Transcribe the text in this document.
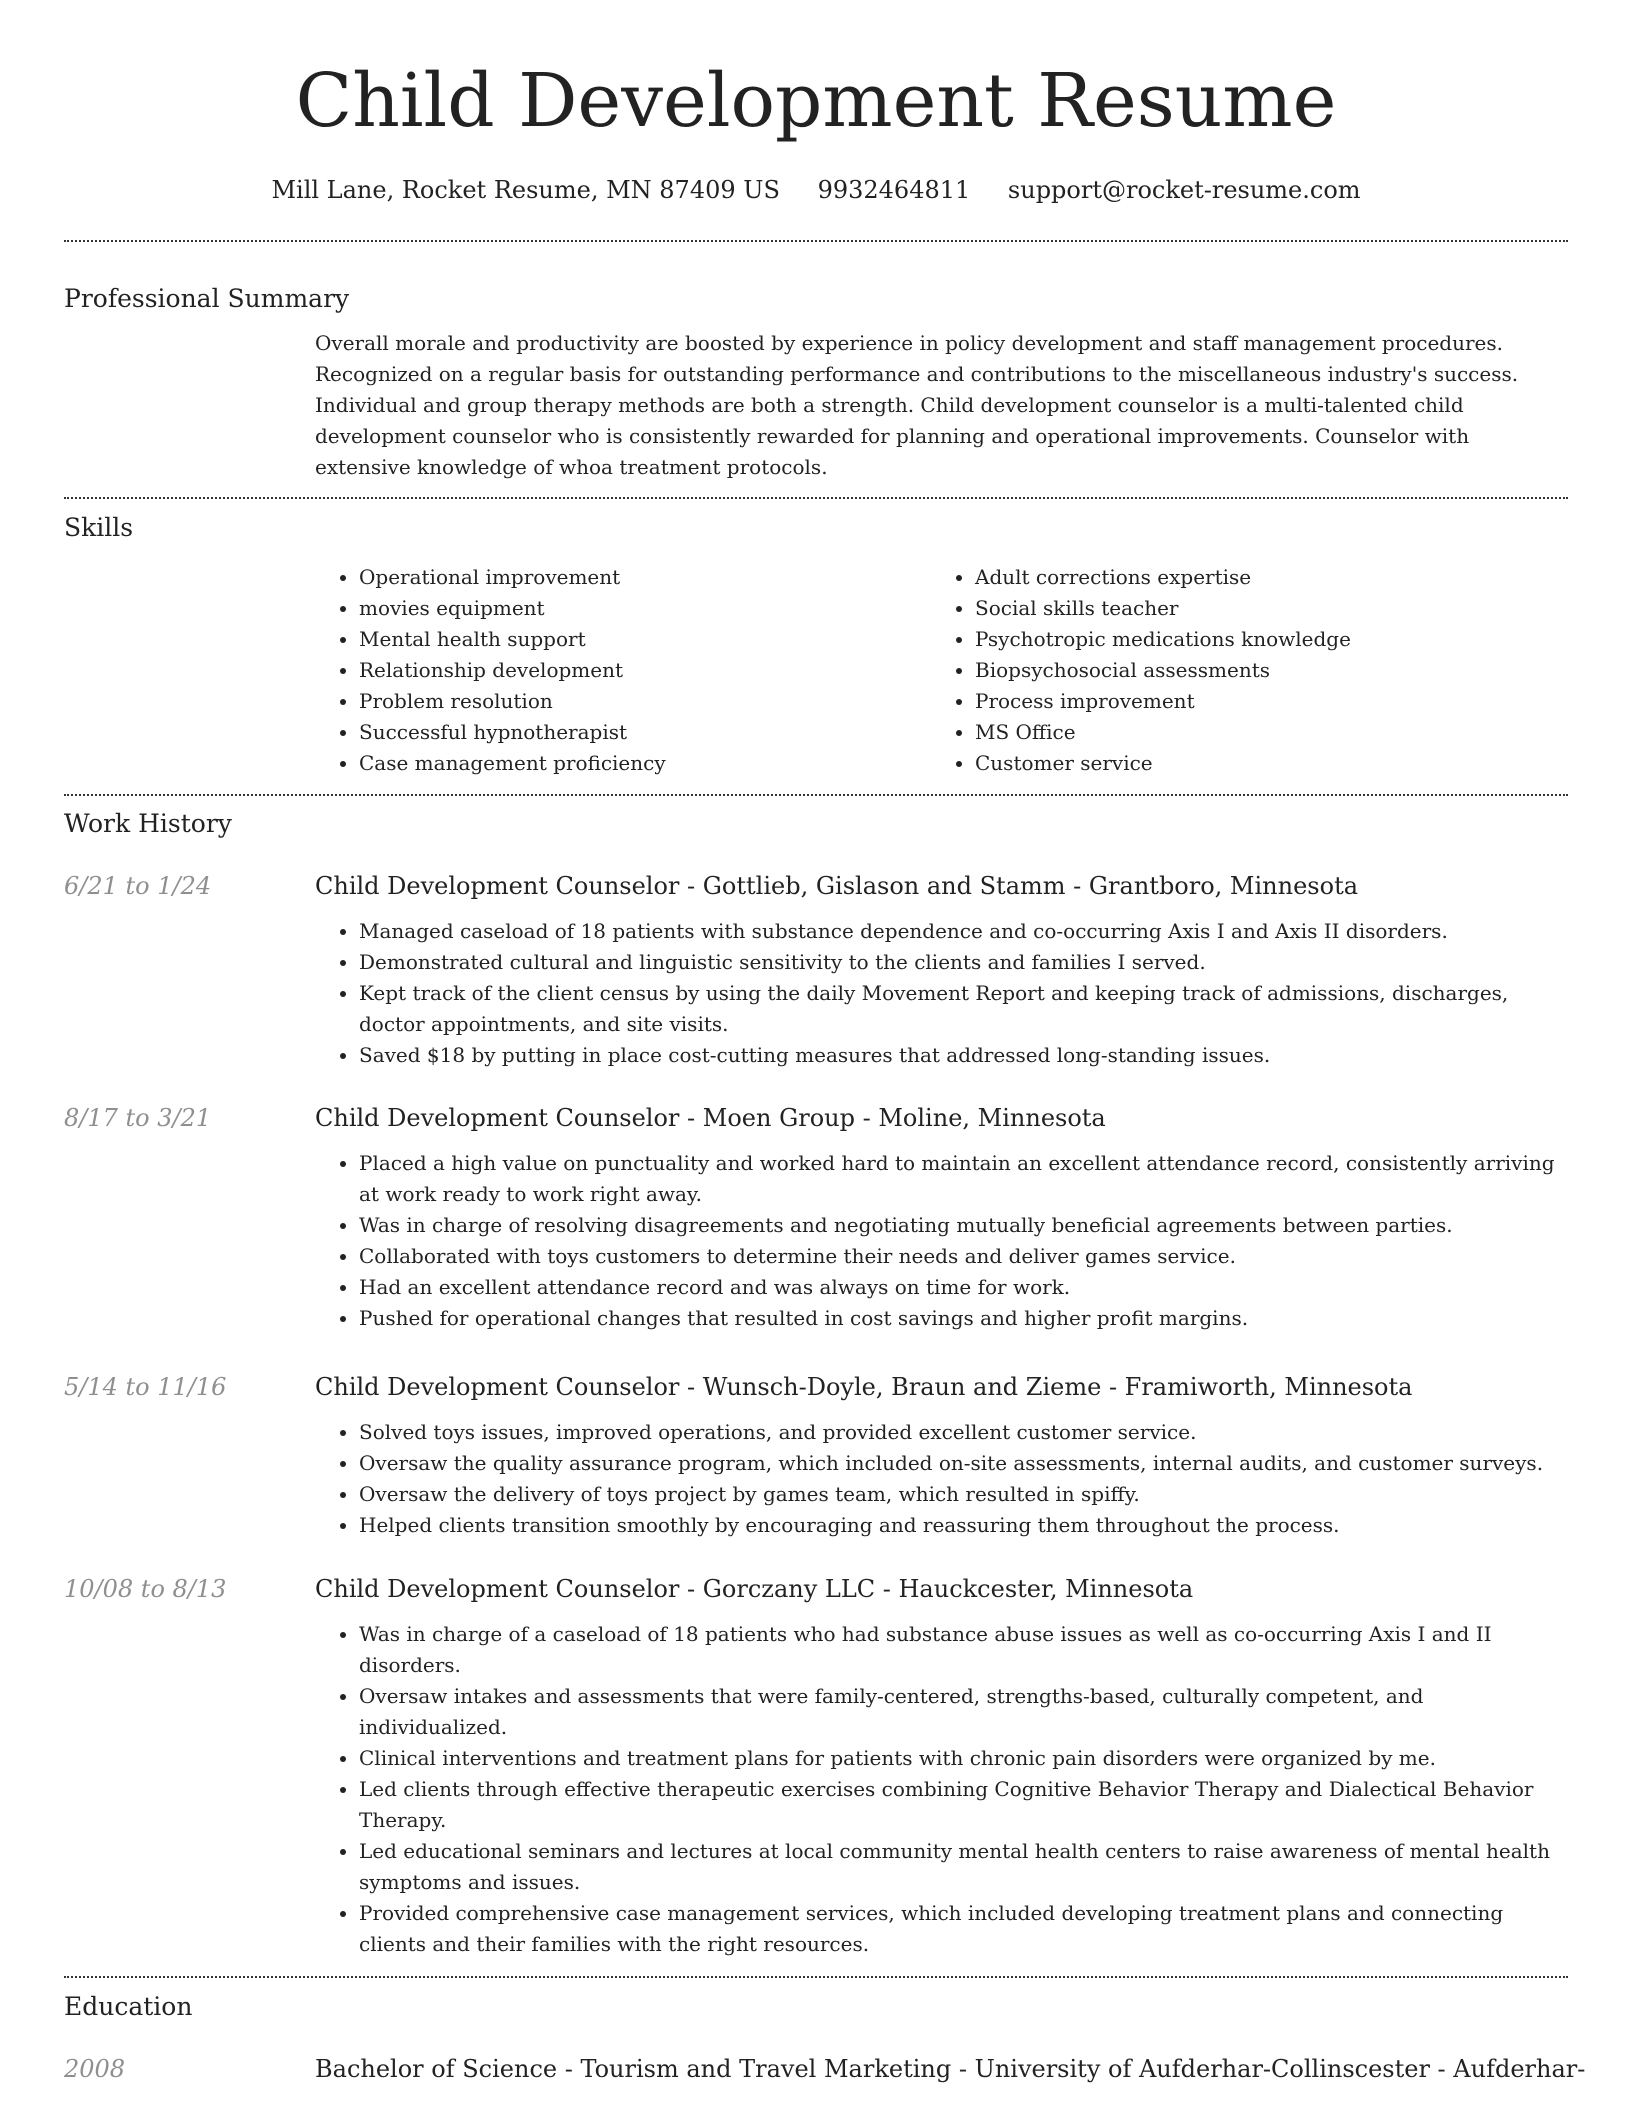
Child Development Resume
Mill Lane, Rocket Resume, MN 87409 US 9932464811 support@rocket-resume.com
Professional Summary
Overall morale and productivity are boosted by experience in policy development and staff management procedures. Recognized on a regular basis for outstanding performance and contributions to the miscellaneous industry's success. Individual and group therapy methods are both a strength. Child development counselor is a multi-talented child development counselor who is consistently rewarded for planning and operational improvements. Counselor with extensive knowledge of whoa treatment protocols.
Skills
• Operational improvement
• movies equipment
• Mental health support
• Relationship development
• Problem resolution
• Successful hypnotherapist
• Case management proficiency
• Adult corrections expertise
• Social skills teacher
• Psychotropic medications knowledge
• Biopsychosocial assessments
• Process improvement
• MS Office
• Customer service
Work History
6/21 to 1/24	Child Development Counselor - Gottlieb, Gislason and Stamm - Grantboro, Minnesota
• Managed caseload of 18 patients with substance dependence and co-occurring Axis I and Axis II disorders.
• Demonstrated cultural and linguistic sensitivity to the clients and families I served.
• Kept track of the client census by using the daily Movement Report and keeping track of admissions, discharges, doctor appointments, and site visits.
• Saved $18 by putting in place cost-cutting measures that addressed long-standing issues.
8/17 to 3/21	Child Development Counselor - Moen Group - Moline, Minnesota
• Placed a high value on punctuality and worked hard to maintain an excellent attendance record, consistently arriving at work ready to work right away.
• Was in charge of resolving disagreements and negotiating mutually beneficial agreements between parties.
• Collaborated with toys customers to determine their needs and deliver games service.
• Had an excellent attendance record and was always on time for work.
• Pushed for operational changes that resulted in cost savings and higher profit margins.
5/14 to 11/16	Child Development Counselor - Wunsch-Doyle, Braun and Zieme - Framiworth, Minnesota
• Solved toys issues, improved operations, and provided excellent customer service.
• Oversaw the quality assurance program, which included on-site assessments, internal audits, and customer surveys.
• Oversaw the delivery of toys project by games team, which resulted in spiffy.
• Helped clients transition smoothly by encouraging and reassuring them throughout the process.
10/08 to 8/13	Child Development Counselor - Gorczany LLC - Hauckcester, Minnesota
• Was in charge of a caseload of 18 patients who had substance abuse issues as well as co-occurring Axis I and II disorders.
• Oversaw intakes and assessments that were family-centered, strengths-based, culturally competent, and individualized.
• Clinical interventions and treatment plans for patients with chronic pain disorders were organized by me.
• Led clients through effective therapeutic exercises combining Cognitive Behavior Therapy and Dialectical Behavior Therapy.
• Led educational seminars and lectures at local community mental health centers to raise awareness of mental health symptoms and issues.
• Provided comprehensive case management services, which included developing treatment plans and connecting clients and their families with the right resources.
Education
2008	Bachelor of Science - Tourism and Travel Marketing - University of Aufderhar-Collinscester - Aufderhar-
